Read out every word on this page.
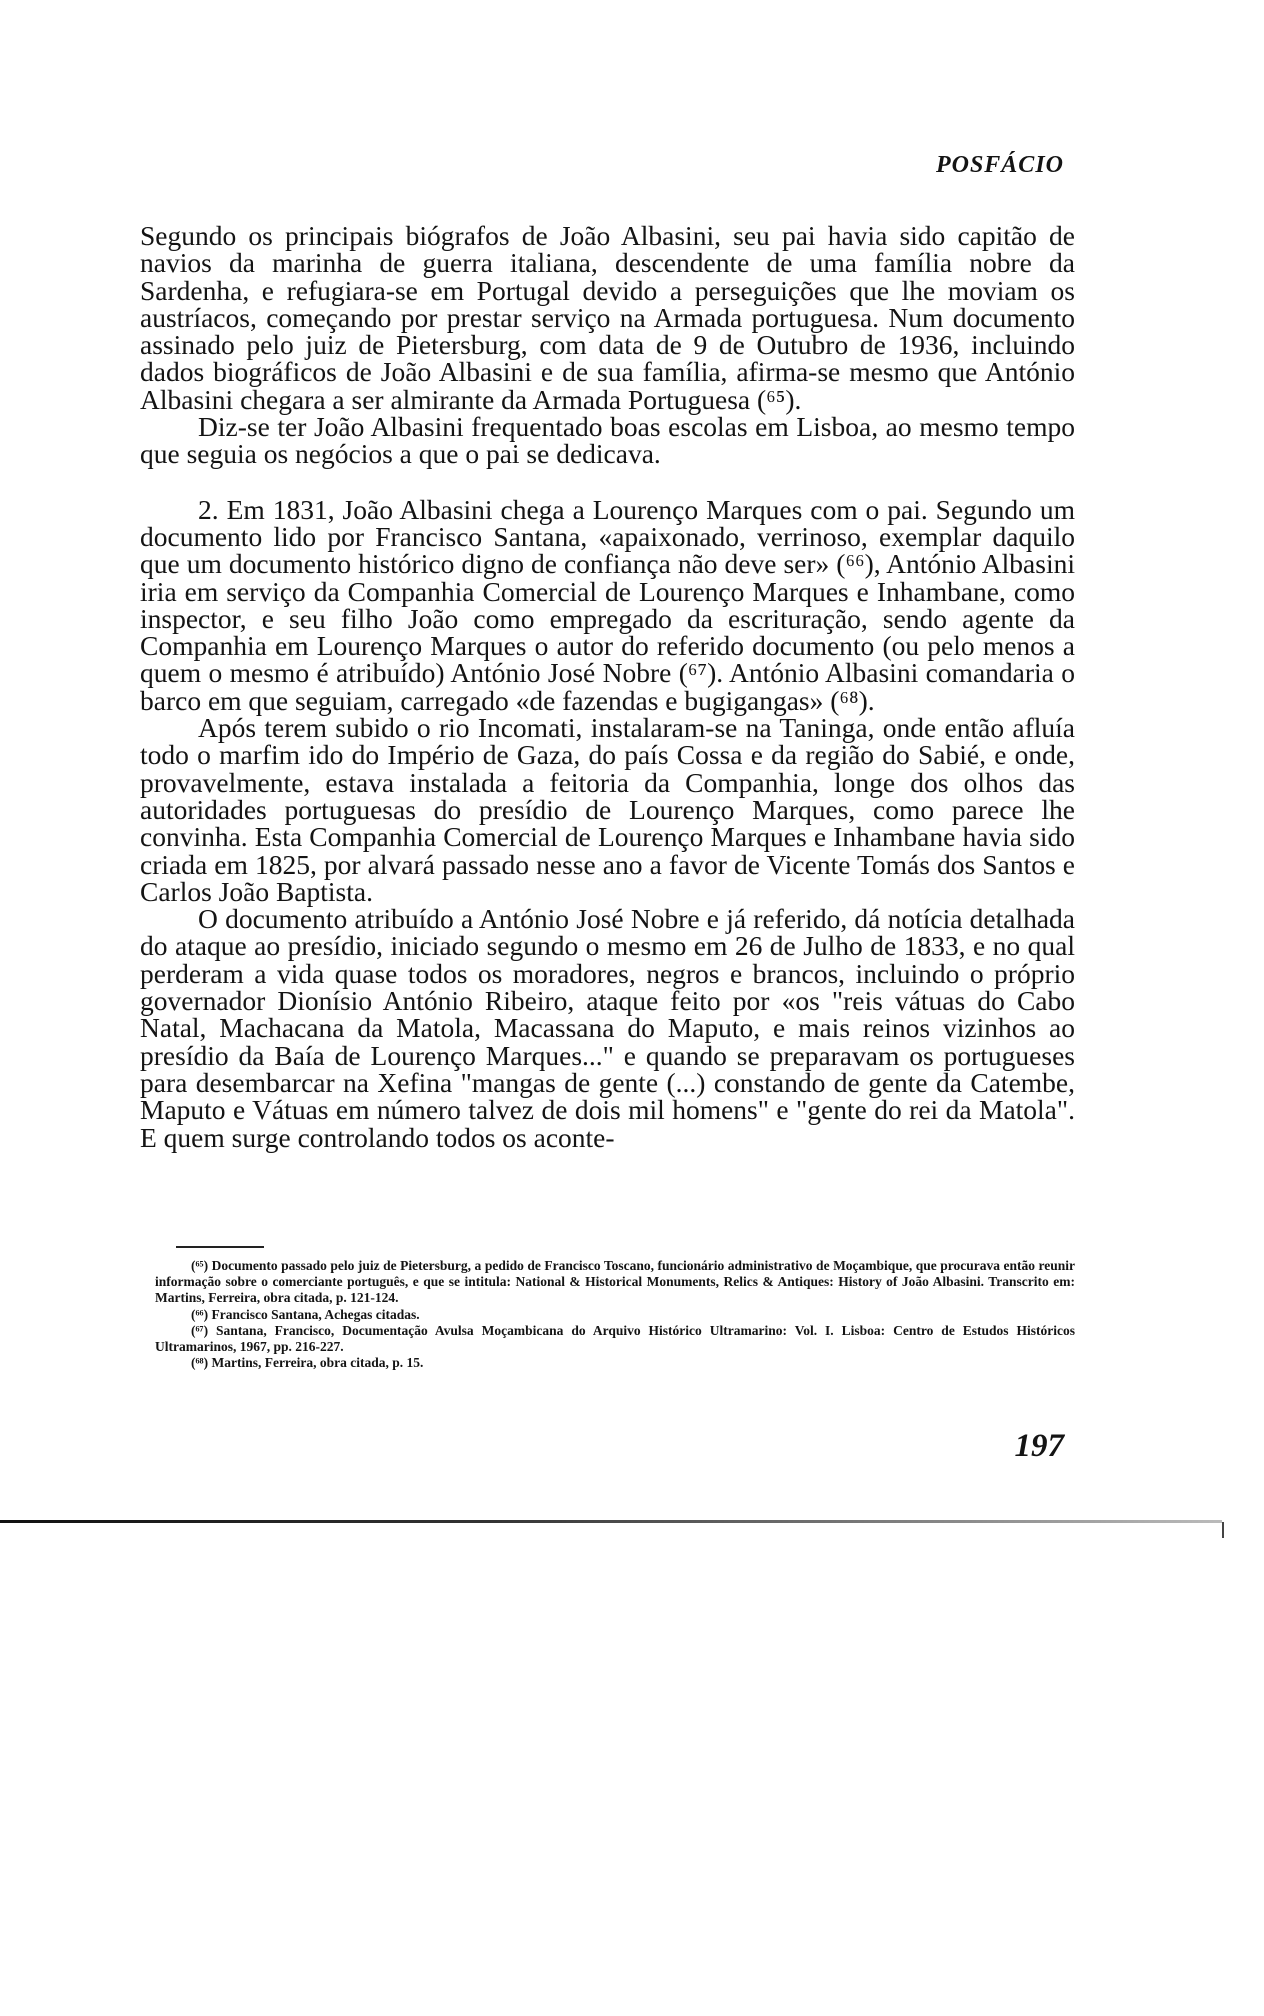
POSFÁCIO

Segundo os principais biógrafos de João Albasini, seu pai havia sido capitão de navios da marinha de guerra italiana, descendente de uma família nobre da Sardenha, e refugiara-se em Portugal devido a perseguições que lhe moviam os austríacos, começando por prestar serviço na Armada portuguesa. Num documento assinado pelo juiz de Pietersburg, com data de 9 de Outubro de 1936, incluindo dados biográficos de João Albasini e de sua família, afirma-se mesmo que António Albasini chegara a ser almirante da Armada Portuguesa (⁶⁵).

Diz-se ter João Albasini frequentado boas escolas em Lisboa, ao mesmo tempo que seguia os negócios a que o pai se dedicava.

2. Em 1831, João Albasini chega a Lourenço Marques com o pai. Segundo um documento lido por Francisco Santana, «apaixonado, verrinoso, exemplar daquilo que um documento histórico digno de confiança não deve ser» (⁶⁶), António Albasini iria em serviço da Companhia Comercial de Lourenço Marques e Inhambane, como inspector, e seu filho João como empregado da escrituração, sendo agente da Companhia em Lourenço Marques o autor do referido documento (ou pelo menos a quem o mesmo é atribuído) António José Nobre (⁶⁷). António Albasini comandaria o barco em que seguiam, carregado «de fazendas e bugigangas» (⁶⁸).

Após terem subido o rio Incomati, instalaram-se na Taninga, onde então afluía todo o marfim ido do Império de Gaza, do país Cossa e da região do Sabié, e onde, provavelmente, estava instalada a feitoria da Companhia, longe dos olhos das autoridades portuguesas do presídio de Lourenço Marques, como parece lhe convinha. Esta Companhia Comercial de Lourenço Marques e Inhambane havia sido criada em 1825, por alvará passado nesse ano a favor de Vicente Tomás dos Santos e Carlos João Baptista.

O documento atribuído a António José Nobre e já referido, dá notícia detalhada do ataque ao presídio, iniciado segundo o mesmo em 26 de Julho de 1833, e no qual perderam a vida quase todos os moradores, negros e brancos, incluindo o próprio governador Dionísio António Ribeiro, ataque feito por «os "reis vátuas do Cabo Natal, Machacana da Matola, Macassana do Maputo, e mais reinos vizinhos ao presídio da Baía de Lourenço Marques..." e quando se preparavam os portugueses para desembarcar na Xefina "mangas de gente (...) constando de gente da Catembe, Maputo e Vátuas em número talvez de dois mil homens" e "gente do rei da Matola". E quem surge controlando todos os aconte-

(⁶⁵) Documento passado pelo juiz de Pietersburg, a pedido de Francisco Toscano, funcionário administrativo de Moçambique, que procurava então reunir informação sobre o comerciante português, e que se intitula: National & Historical Monuments, Relics & Antiques: History of João Albasini. Transcrito em: Martins, Ferreira, obra citada, p. 121-124.

(⁶⁶) Francisco Santana, Achegas citadas.

(⁶⁷) Santana, Francisco, Documentação Avulsa Moçambicana do Arquivo Histórico Ultramarino: Vol. I. Lisboa: Centro de Estudos Históricos Ultramarinos, 1967, pp. 216-227.

(⁶⁸) Martins, Ferreira, obra citada, p. 15.

197
